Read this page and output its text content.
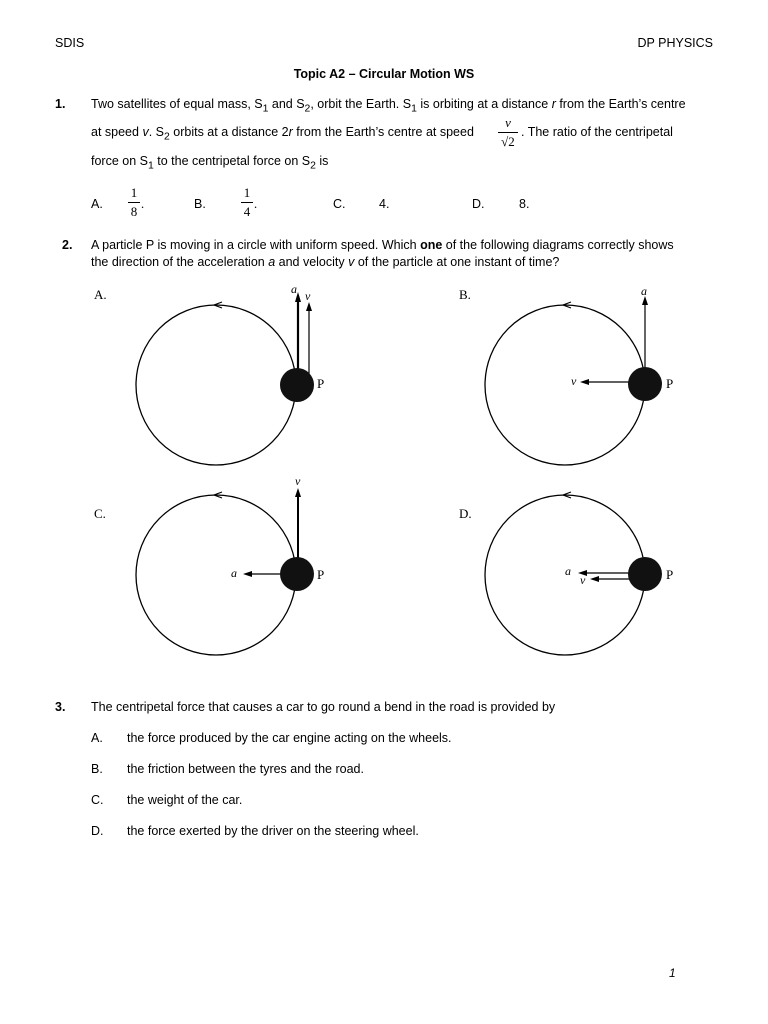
SDIS	DP PHYSICS
Topic A2 – Circular Motion WS
1. Two satellites of equal mass, $S_1$ and $S_2$, orbit the Earth. $S_1$ is orbiting at a distance r from the Earth’s centre
at speed v. $S_2$ orbits at a distance 2r from the Earth’s centre at speed
v
√2
. The ratio of the centripetal
force on $S_1$ to the centripetal force on $S_2$ is
A.
1
8 .	B.
1
4 .	C.	4.	D.	8.
2. A particle P is moving in a circle with uniform speed. Which one of the following diagrams correctly shows
the direction of the acceleration a and velocity v of the particle at one instant of time?
A.	a v
P
B.	a
v	P
C.
v
a	P
D.
a
v	P
3. The centripetal force that causes a car to go round a bend in the road is provided by
A. the force produced by the car engine acting on the wheels.
B. the friction between the tyres and the road.
C. the weight of the car.
D. the force exerted by the driver on the steering wheel.
1
